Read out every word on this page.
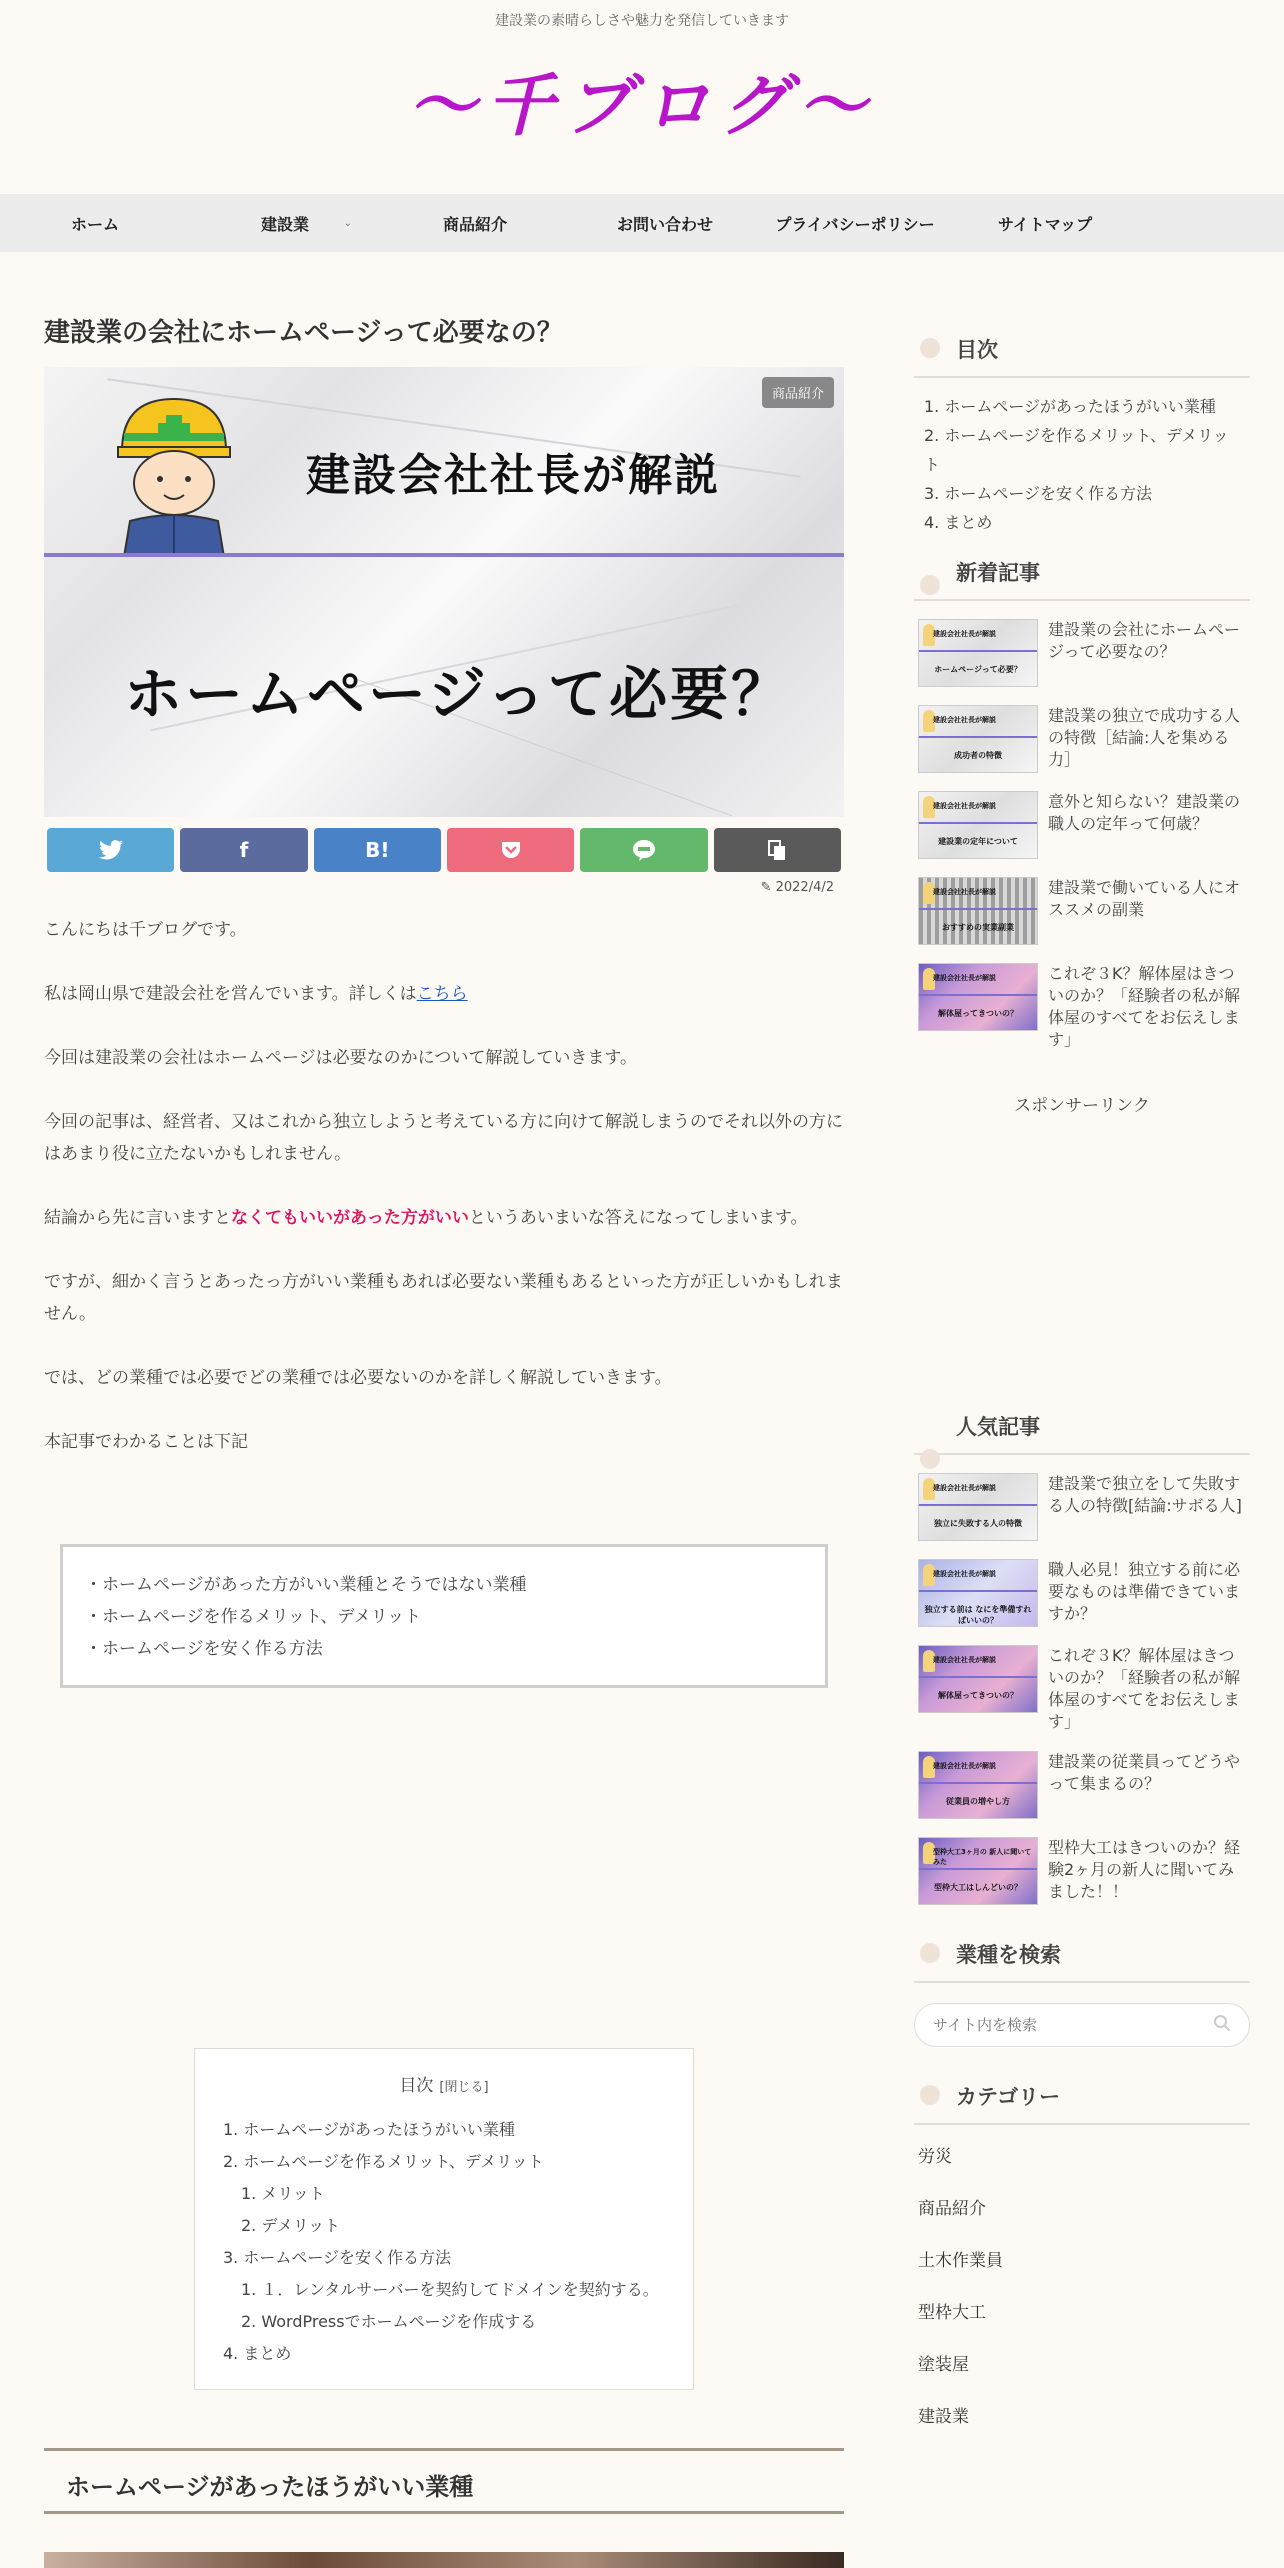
建設業の素晴らしさや魅力を発信していきます
〜千ブログ〜
ホーム	建設業	⌄	商品紹介	お問い合わせ	プライバシーポリシー	サイトマップ
建設業の会社にホームページって必要なの？
建設会社社長が解説
ホームページって必要？
商品紹介
f	B!
✎ 2022/4/2

こんにちは千ブログです。

私は岡山県で建設会社を営んでいます。詳しくはこちら

今回は建設業の会社はホームページは必要なのかについて解説していきます。

今回の記事は、経営者、又はこれから独立しようと考えている方に向けて解説しまうのでそれ以外の方にはあまり役に立たないかもしれません。

結論から先に言いますとなくてもいいがあった方がいいというあいまいな答えになってしまいます。

ですが、細かく言うとあったっ方がいい業種もあれば必要ない業種もあるといった方が正しいかもしれません。

では、どの業種では必要でどの業種では必要ないのかを詳しく解説していきます。

本記事でわかることは下記

・ホームページがあった方がいい業種とそうではない業種
・ホームページを作るメリット、デメリット
・ホームページを安く作る方法
目次 [閉じる]
1. ホームページがあったほうがいい業種
2. ホームページを作るメリット、デメリット
1. メリット
2. デメリット
3. ホームページを安く作る方法
1. １．レンタルサーバーを契約してドメインを契約する。
2. WordPressでホームページを作成する
4. まとめ
ホームページがあったほうがいい業種
目次
1. ホームページがあったほうがいい業種
2. ホームページを作るメリット、デメリット
3. ホームページを安く作る方法
4. まとめ
新着記事
建設会社社長が解説
ホームページって必要？
建設業の会社にホームページって必要なの？
建設会社社長が解説
成功者の特徴
建設業の独立で成功する人の特徴［結論:人を集める力］
建設会社社長が解説
建設業の定年について
意外と知らない？建設業の職人の定年って何歳？
建設会社社長が解説
おすすめの実業副業
建設業で働いている人にオススメの副業
建設会社社長が解説
解体屋ってきついの？
これぞ３K？解体屋はきついのか？「経験者の私が解体屋のすべてをお伝えします」
スポンサーリンク
人気記事
建設会社社長が解説
独立に失敗する人の特徴
建設業で独立をして失敗する人の特徴[結論:サボる人]
建設会社社長が解説
独立する前は なにを準備すればいいの？
職人必見！独立する前に必要なものは準備できていますか？
建設会社社長が解説
解体屋ってきついの？
これぞ３K？解体屋はきついのか？「経験者の私が解体屋のすべてをお伝えします」
建設会社社長が解説
従業員の増やし方
建設業の従業員ってどうやって集まるの？
型枠大工3ヶ月の 新人に聞いてみた
型枠大工はしんどいの？
型枠大工はきついのか？経験2ヶ月の新人に聞いてみました！！
業種を検索
サイト内を検索
カテゴリー
労災
商品紹介
土木作業員
型枠大工
塗装屋
建設業
